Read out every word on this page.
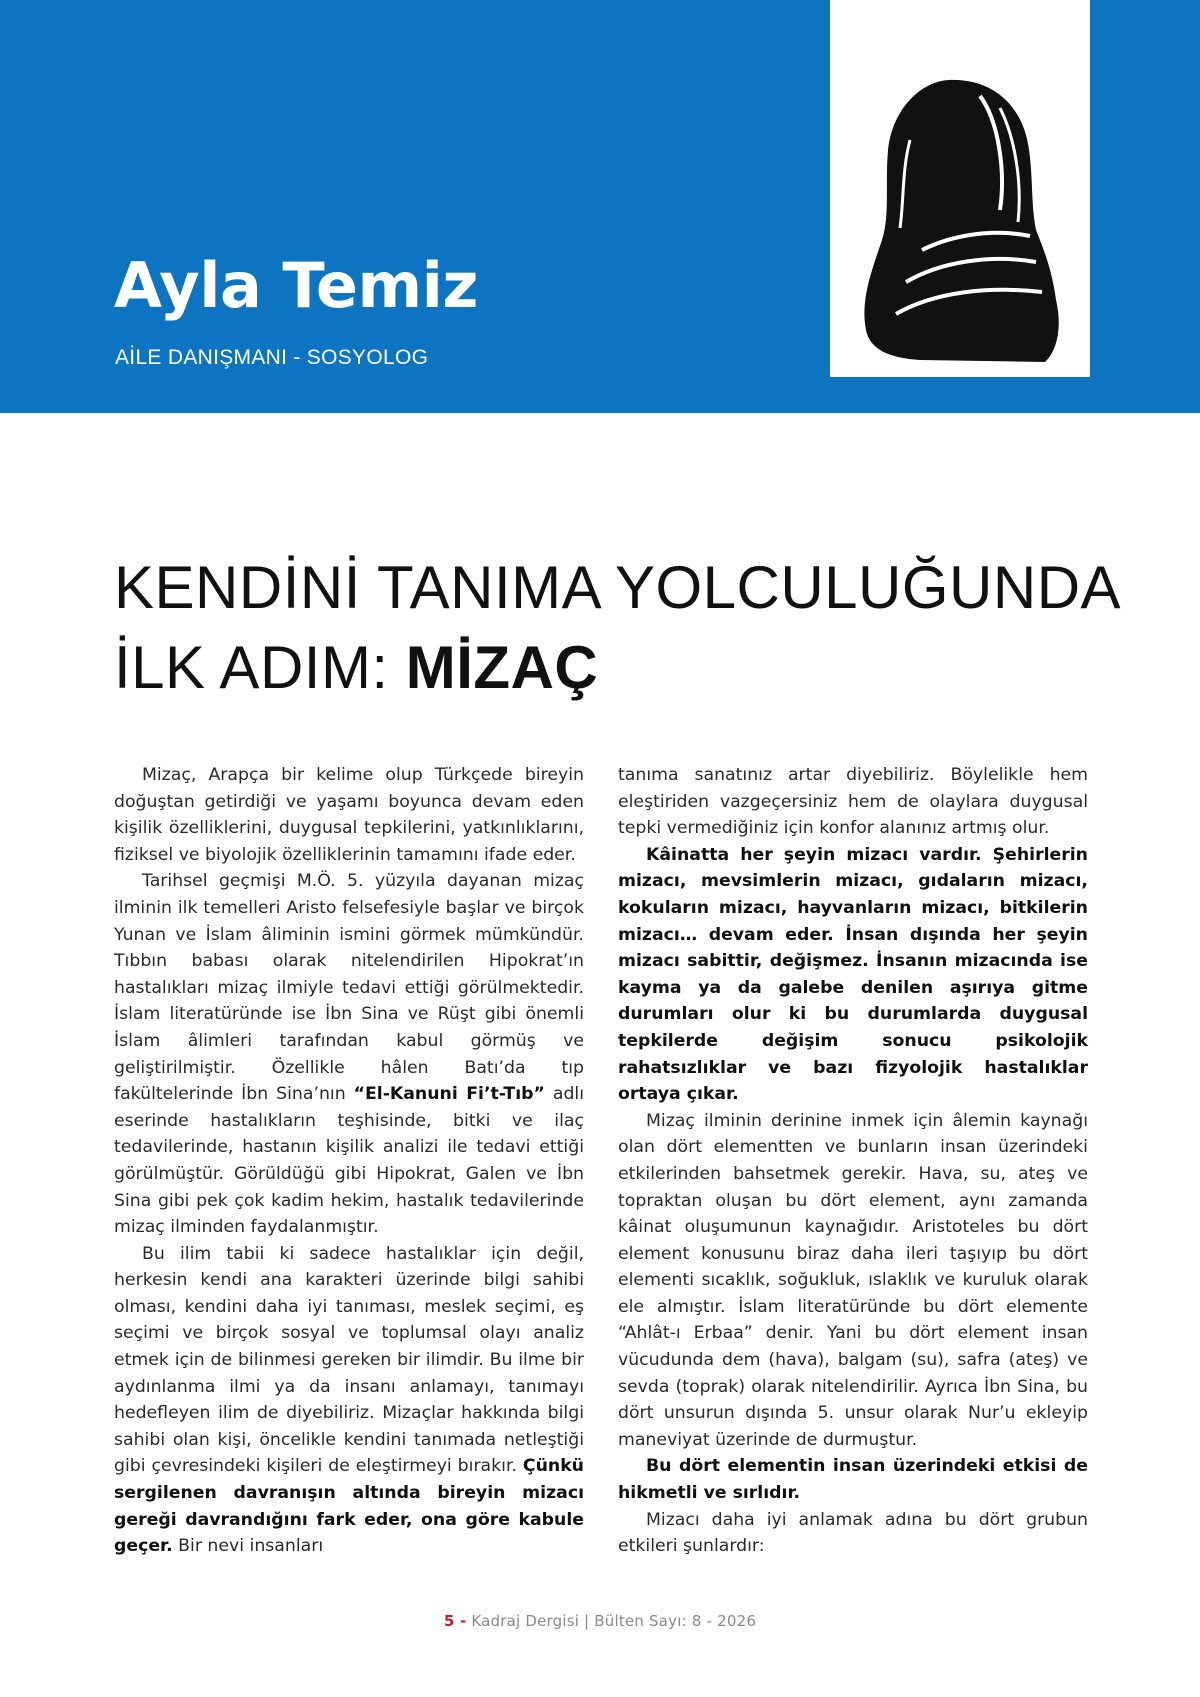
Ayla Temiz
AİLE DANIŞMANI - SOSYOLOG
KENDİNİ TANIMA YOLCULUĞUNDA
İLK ADIM: MİZAÇ

Mizaç, Arapça bir kelime olup Türkçede bireyin doğuştan getirdiği ve yaşamı boyunca devam eden kişilik özelliklerini, duygusal tepkilerini, yatkınlıklarını, fiziksel ve biyolojik özelliklerinin tamamını ifade eder.

Tarihsel geçmişi M.Ö. 5. yüzyıla dayanan mizaç ilminin ilk temelleri Aristo felsefesiyle başlar ve birçok Yunan ve İslam âliminin ismini görmek mümkündür. Tıbbın babası olarak nitelendirilen Hipokrat’ın hastalıkları mizaç ilmiyle tedavi ettiği görülmektedir. İslam literatüründe ise İbn Sina ve Rüşt gibi önemli İslam âlimleri tarafından kabul görmüş ve geliştirilmiştir. Özellikle hâlen Batı’da tıp fakültelerinde İbn Sina’nın “El-Kanuni Fi’t-Tıb” adlı eserinde hastalıkların teşhisinde, bitki ve ilaç tedavilerinde, hastanın kişilik analizi ile tedavi ettiği görülmüştür. Görüldüğü gibi Hipokrat, Galen ve İbn Sina gibi pek çok kadim hekim, hastalık tedavilerinde mizaç ilminden faydalanmıştır.

Bu ilim tabii ki sadece hastalıklar için değil, herkesin kendi ana karakteri üzerinde bilgi sahibi olması, kendini daha iyi tanıması, meslek seçimi, eş seçimi ve birçok sosyal ve toplumsal olayı analiz etmek için de bilinmesi gereken bir ilimdir. Bu ilme bir aydınlanma ilmi ya da insanı anlamayı, tanımayı hedefleyen ilim de diyebiliriz. Mizaçlar hakkında bilgi sahibi olan kişi, öncelikle kendini tanımada netleştiği gibi çevresindeki kişileri de eleştirmeyi bırakır. Çünkü sergilenen davranışın altında bireyin mizacı gereği davrandığını fark eder, ona göre kabule geçer. Bir nevi insanları

tanıma sanatınız artar diyebiliriz. Böylelikle hem eleştiriden vazgeçersiniz hem de olaylara duygusal tepki vermediğiniz için konfor alanınız artmış olur.

Kâinatta her şeyin mizacı vardır. Şehirlerin mizacı, mevsimlerin mizacı, gıdaların mizacı, kokuların mizacı, hayvanların mizacı, bitkilerin mizacı… devam eder. İnsan dışında her şeyin mizacı sabittir, değişmez. İnsanın mizacında ise kayma ya da galebe denilen aşırıya gitme durumları olur ki bu durumlarda duygusal tepkilerde değişim sonucu psikolojik rahatsızlıklar ve bazı fizyolojik hastalıklar ortaya çıkar.

Mizaç ilminin derinine inmek için âlemin kaynağı olan dört elementten ve bunların insan üzerindeki etkilerinden bahsetmek gerekir. Hava, su, ateş ve topraktan oluşan bu dört element, aynı zamanda kâinat oluşumunun kaynağıdır. Aristoteles bu dört element konusunu biraz daha ileri taşıyıp bu dört elementi sıcaklık, soğukluk, ıslaklık ve kuruluk olarak ele almıştır. İslam literatüründe bu dört elemente “Ahlât-ı Erbaa” denir. Yani bu dört element insan vücudunda dem (hava), balgam (su), safra (ateş) ve sevda (toprak) olarak nitelendirilir. Ayrıca İbn Sina, bu dört unsurun dışında 5. unsur olarak Nur’u ekleyip maneviyat üzerinde de durmuştur.

Bu dört elementin insan üzerindeki etkisi de hikmetli ve sırlıdır.

Mizacı daha iyi anlamak adına bu dört grubun etkileri şunlardır:

5 - Kadraj Dergisi | Bülten Sayı: 8 - 2026
